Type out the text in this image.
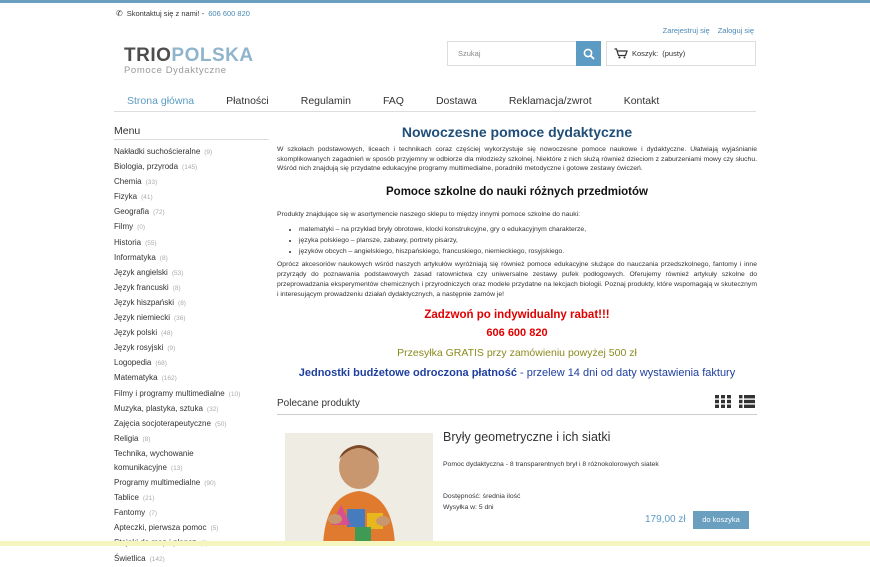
✆ Skontaktuj się z nami! - 606 600 820
Zarejestruj się Zaloguj się
TRIOPOLSKA
Pomoce Dydaktyczne
Szukaj
Koszyk: (pusty)
Strona główna	Płatności	Regulamin	FAQ	Dostawa	Reklamacja/zwrot	Kontakt
Menu
Nakładki suchościeralne (9)
Biologia, przyroda (145)
Chemia (33)
Fizyka (41)
Geografia (72)
Filmy (0)
Historia (55)
Informatyka (8)
Język angielski (53)
Język francuski (8)
Język hiszpański (8)
Język niemiecki (36)
Język polski (48)
Język rosyjski (9)
Logopedia (68)
Matematyka (162)
Filmy i programy multimedialne (10)
Muzyka, plastyka, sztuka (32)
Zajęcia socjoterapeutyczne (50)
Religia (8)
Technika, wychowanie
komunikacyjne (13)
Programy multimedialne (90)
Tablice (21)
Fantomy (7)
Apteczki, pierwsza pomoc (5)
Świetlica (142)
Nowoczesne pomoce dydaktyczne

W szkołach podstawowych, liceach i technikach coraz częściej wykorzystuje się nowoczesne pomoce naukowe i dydaktyczne. Ułatwiają wyjaśnianie skomplikowanych zagadnień w sposób przyjemny w odbiorze dla młodzieży szkolnej. Niektóre z nich służą również dzieciom z zaburzeniami mowy czy słuchu. Wśród nich znajdują się przydatne edukacyjne programy multimedialne, poradniki metodyczne i gotowe zestawy ćwiczeń.

Pomoce szkolne do nauki różnych przedmiotów

Produkty znajdujące się w asortymencie naszego sklepu to między innymi pomoce szkolne do nauki:

• matematyki – na przykład bryły obrotowe, klocki konstrukcyjne, gry o edukacyjnym charakterze,
• języka polskiego – plansze, zabawy, portrety pisarzy,
• języków obcych – angielskiego, hiszpańskiego, francuskiego, niemieckiego, rosyjskiego.

Oprócz akcesoriów naukowych wśród naszych artykułów wyróżniają się również pomoce edukacyjne służące do nauczania przedszkolnego, fantomy i inne przyrządy do poznawania podstawowych zasad ratownictwa czy uniwersalne zestawy pufek podłogowych. Oferujemy również artykuły szkolne do przeprowadzania eksperymentów chemicznych i przyrodniczych oraz modele przydatne na lekcjach biologii. Poznaj produkty, które wspomagają w skutecznym i interesującym prowadzeniu działań dydaktycznych, a następnie zamów je!

Zadzwoń po indywidualny rabat!!!
606 600 820
Przesyłka GRATIS przy zamówieniu powyżej 500 zł
Jednostki budżetowe odroczona płatność - przelew 14 dni od daty wystawienia faktury
Polecane produkty
Bryły geometryczne i ich siatki
Pomoc dydaktyczna - 8 transparentnych brył i 8 różnokolorowych siatek
Dostępność: średnia ilość
Wysyłka w: 5 dni
179,00 zł	do koszyka
